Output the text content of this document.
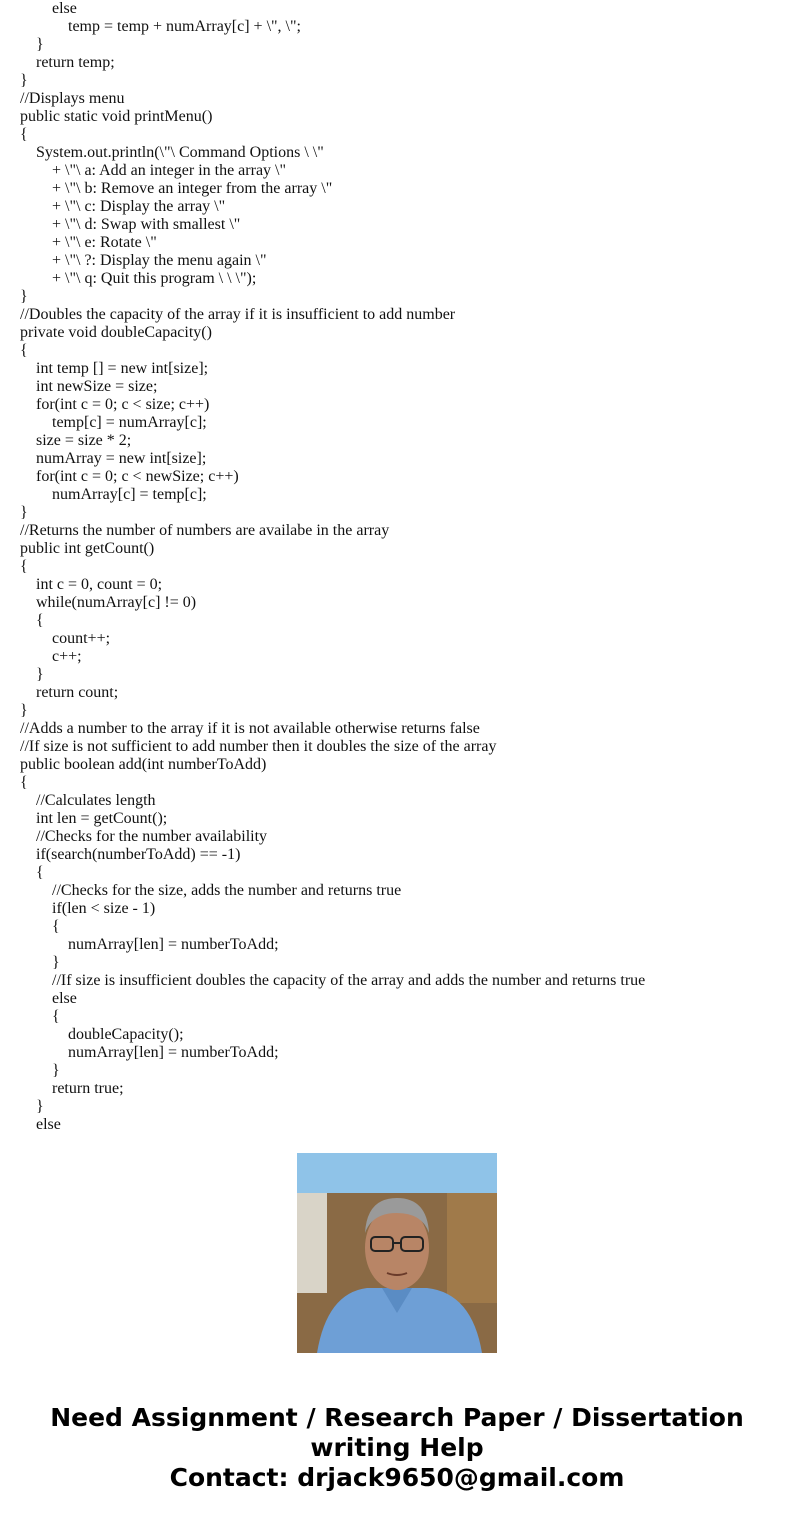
else
temp = temp + numArray[c] + \", \";
}
return temp;
}
//Displays menu
public static void printMenu()
{
System.out.println(\"\ Command Options \ \"
+ \"\ a: Add an integer in the array \"
+ \"\ b: Remove an integer from the array \"
+ \"\ c: Display the array \"
+ \"\ d: Swap with smallest \"
+ \"\ e: Rotate \"
+ \"\ ?: Display the menu again \"
+ \"\ q: Quit this program \ \ \");
}
//Doubles the capacity of the array if it is insufficient to add number
private void doubleCapacity()
{
int temp [] = new int[size];
int newSize = size;
for(int c = 0; c < size; c++)
temp[c] = numArray[c];
size = size * 2;
numArray = new int[size];
for(int c = 0; c < newSize; c++)
numArray[c] = temp[c];
}
//Returns the number of numbers are availabe in the array
public int getCount()
{
int c = 0, count = 0;
while(numArray[c] != 0)
{
count++;
c++;
}
return count;
}
//Adds a number to the array if it is not available otherwise returns false
//If size is not sufficient to add number then it doubles the size of the array
public boolean add(int numberToAdd)
{
//Calculates length
int len = getCount();
//Checks for the number availability
if(search(numberToAdd) == -1)
{
//Checks for the size, adds the number and returns true
if(len < size - 1)
{
numArray[len] = numberToAdd;
}
//If size is insufficient doubles the capacity of the array and adds the number and returns true
else
{
doubleCapacity();
numArray[len] = numberToAdd;
}
return true;
}
else
Need Assignment / Research Paper / Dissertation
writing Help
Contact: drjack9650@gmail.com
